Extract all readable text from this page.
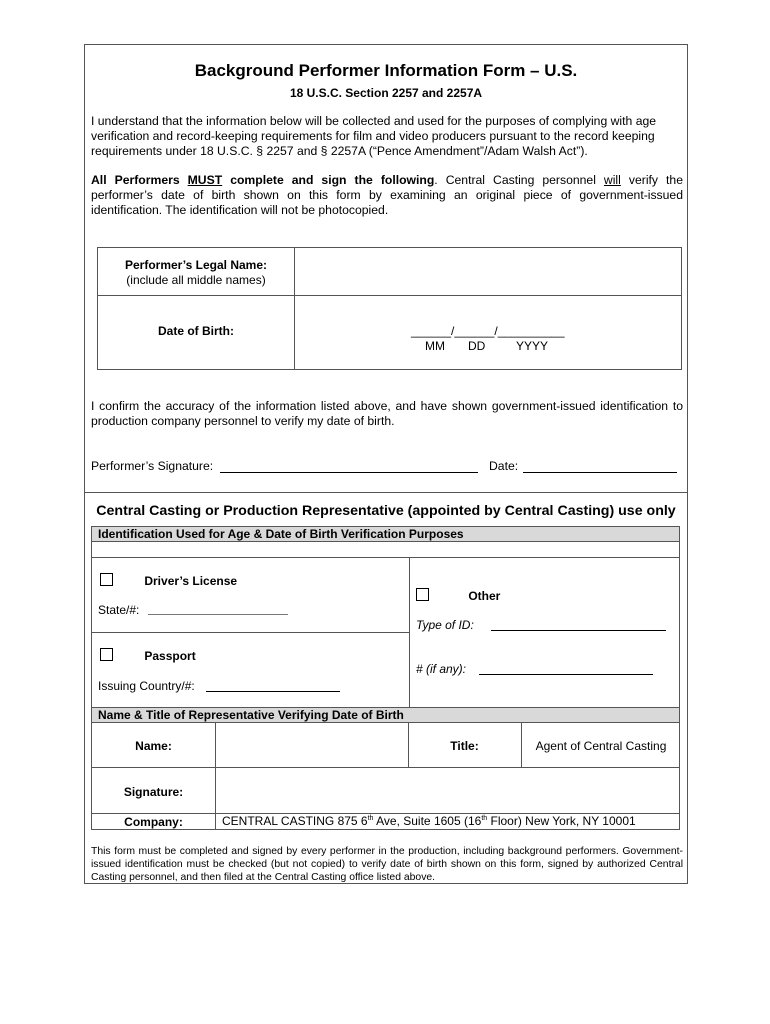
Background Performer Information Form – U.S.
18 U.S.C. Section 2257 and 2257A
I understand that the information below will be collected and used for the purposes of complying with age verification and record-keeping requirements for film and video producers pursuant to the record keeping requirements under 18 U.S.C. § 2257 and § 2257A (“Pence Amendment”/Adam Walsh Act”).
All Performers MUST complete and sign the following. Central Casting personnel will verify the performer’s date of birth shown on this form by examining an original piece of government-issued identification. The identification will not be photocopied.
Performer’s Legal Name:
(include all middle names)
Date of Birth:	______/______/__________
MM DD	YYYY
I confirm the accuracy of the information listed above, and have shown government-issued identification to production company personnel to verify my date of birth.
Performer’s Signature:	Date:
Central Casting or Production Representative (appointed by Central Casting) use only
Identification Used for Age & Date of Birth Verification Purposes
Driver’s License
State/#:
Passport
Issuing Country/#:
Other
Type of ID:
# (if any):
Name & Title of Representative Verifying Date of Birth
Name:	Title:	Agent of Central Casting
Signature:
Company:	CENTRAL CASTING 875 6th Ave, Suite 1605 (16th Floor) New York, NY 10001
This form must be completed and signed by every performer in the production, including background performers. Government-issued identification must be checked (but not copied) to verify date of birth shown on this form, signed by authorized Central Casting personnel, and then filed at the Central Casting office listed above.
